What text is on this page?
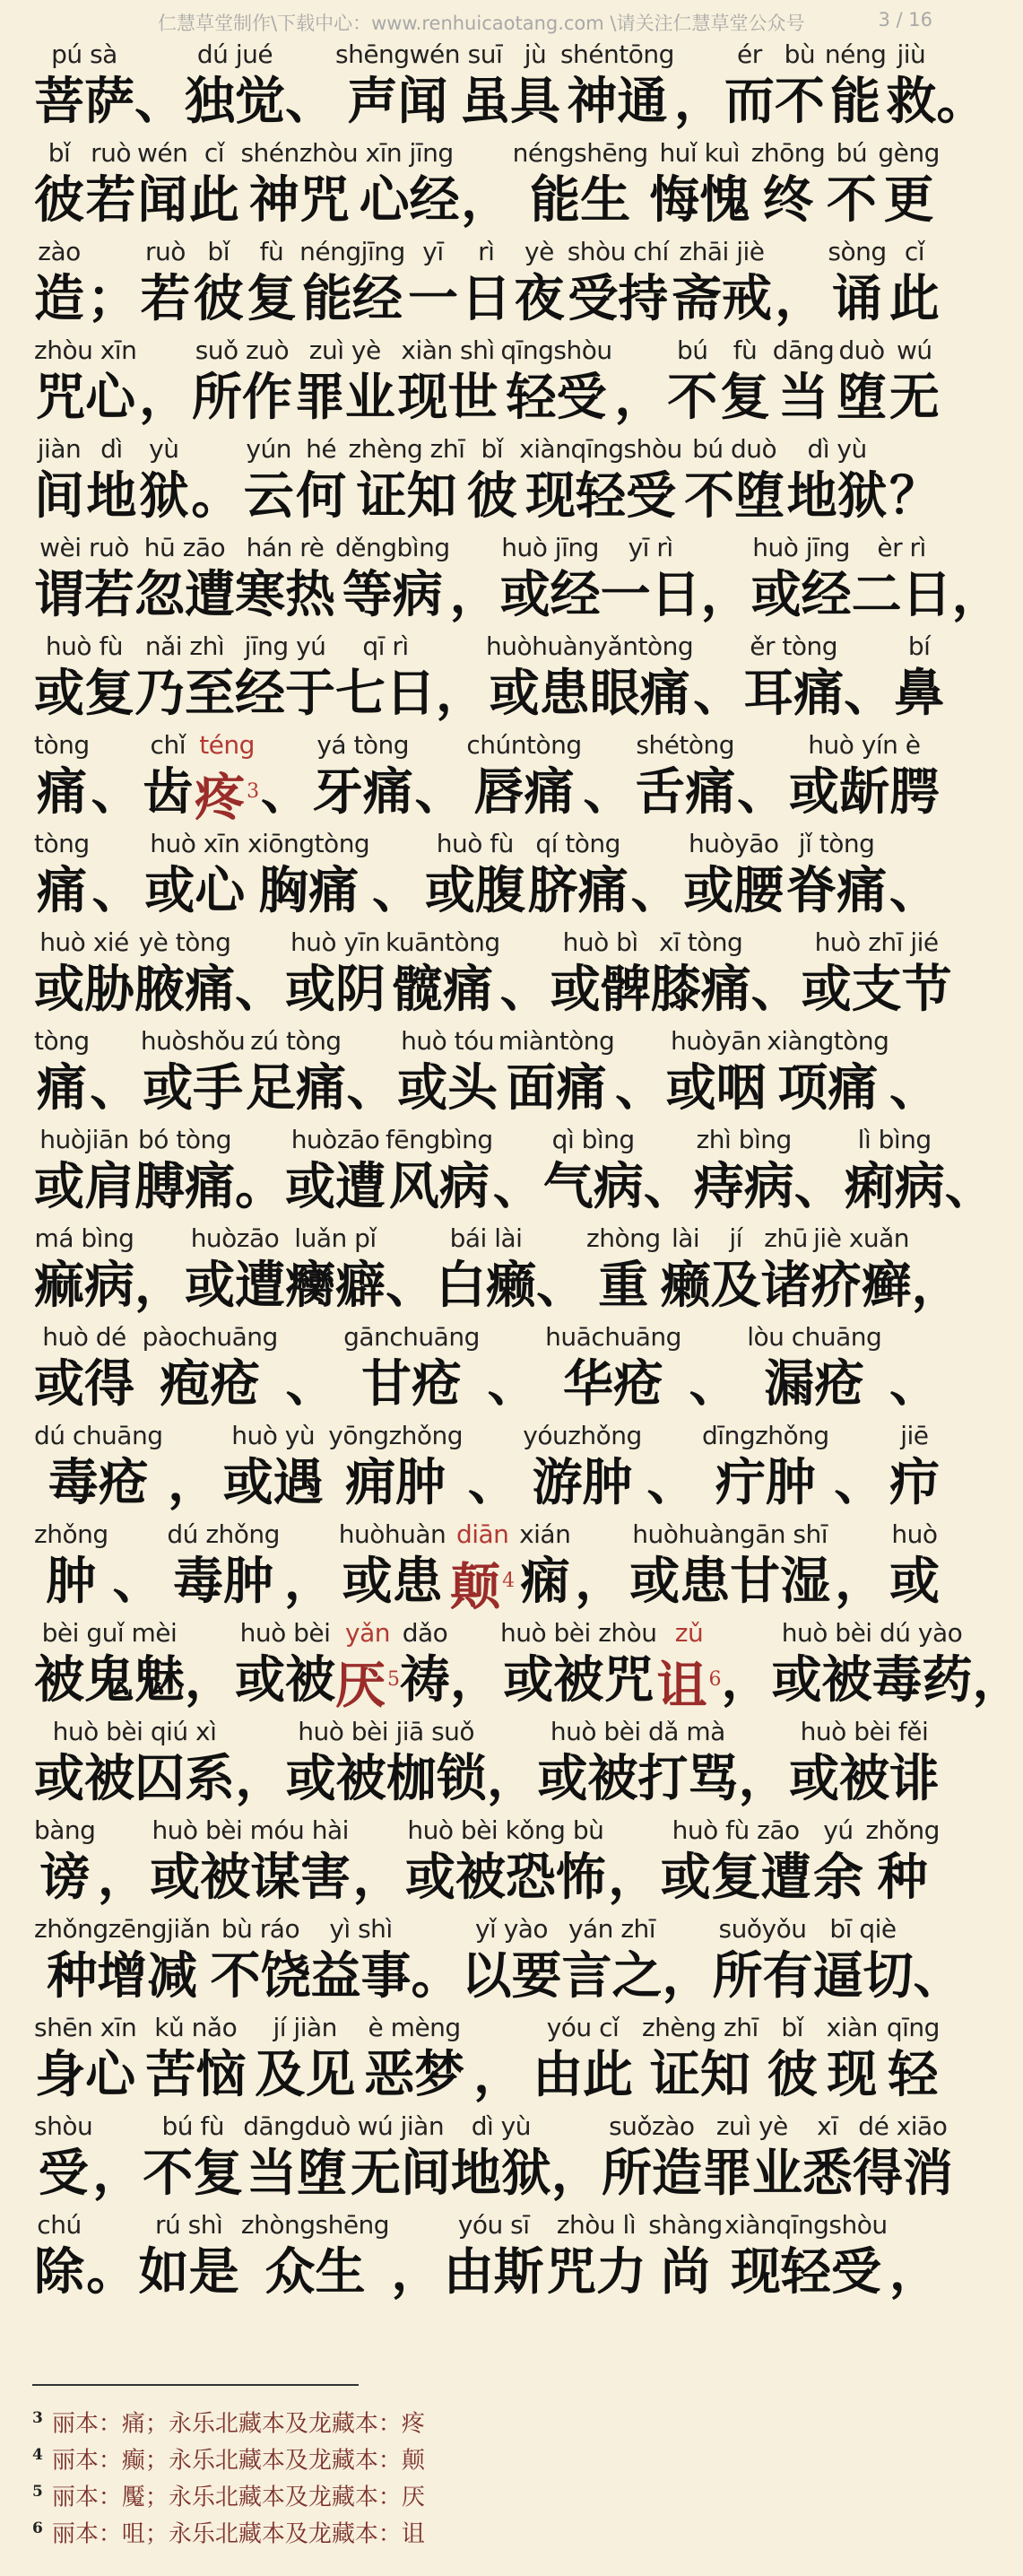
仁慧草堂制作\下载中心：www.renhuicaotang.com \请关注仁慧草堂公众号	3 / 16
pú sà
菩萨 、
dú jué
独觉 、
shēngwén
声闻
suī
虽
jù
具
shéntōng
神通 ，
ér
而
bù
不
néng
能
jiù
救 。
bǐ
彼
ruò
若
wén
闻
cǐ
此
shénzhòu
神咒
xīn jīng
心经 ，
néngshēng
能生
huǐ kuì
悔愧
zhōng
终
bú
不
gèng
更
zào
造 ；
ruò
若
bǐ
彼
fù
复
néngjīng
能经
yī
一
rì
日
yè
夜
shòu chí
受持
zhāi jiè
斋戒 ，
sòng
诵
cǐ
此
zhòu xīn
咒心 ，
suǒ zuò
所作
zuì yè
罪业
xiàn shì
现世
qīngshòu
轻受 ，
bú
不
fù
复
dāng
当
duò
堕
wú
无
jiàn
间
dì
地
yù
狱 。
yún
云
hé
何
zhèng zhī
证知
bǐ
彼
xiànqīngshòu
现轻受
bú duò
不堕
dì yù
地狱 ？
wèi ruò
谓若
hū zāo
忽遭
hán rè
寒热
děngbìng
等病 ，
huò jīng
或经
yī rì
一日 ，
huò jīng
或经
èr rì
二日 ，
huò fù
或复
nǎi zhì
乃至
jīng yú
经于
qī rì
七日 ，
huòhuànyǎntòng
或患眼痛 、
ěr tòng
耳痛 、
bí
鼻
tòng
痛 、
chǐ
齿
téng
疼$^3$ 、
yá tòng
牙痛 、
chúntòng
唇痛 、
shétòng
舌痛 、
huò yín è
或龂腭
tòng
痛 、
huò xīn
或心
xiōngtòng
胸痛 、
huò fù
或腹
qí tòng
脐痛 、
huòyāo
或腰
jǐ tòng
脊痛 、
huò xié
或胁
yè tòng
腋痛 、
huò yīn
或阴
kuāntòng
髋痛 、
huò bì
或髀
xī tòng
膝痛 、
huò zhī jié
或支节
tòng
痛 、
huòshǒu
或手
zú tòng
足痛 、
huò tóu
或头
miàntòng
面痛 、
huòyān
或咽
xiàngtòng
项痛 、
huòjiān
或肩
bó tòng
膊痛 。
huòzāo
或遭
fēngbìng
风病 、
qì bìng
气病 、
zhì bìng
痔病 、
lì bìng
痢病 、
má bìng
痲病 ，
huòzāo
或遭
luǎn pǐ
癵癖 、
bái lài
白癞 、
zhòng
重
lài
癞
jí
及
zhū
诸
jiè xuǎn
疥癣 ，
huò dé
或得
pàochuāng
疱疮 、
gānchuāng
甘疮 、
huāchuāng
华疮 、
lòu chuāng
漏疮 、
dú chuāng
毒疮 ，
huò yù
或遇
yōngzhǒng
痈肿 、
yóuzhǒng
游肿 、
dīngzhǒng
疔肿 、
jiē
疖
zhǒng
肿 、
dú zhǒng
毒肿 ，
huòhuàn
或患
diān
颠$^4$
xián
痫 ，
huòhuàngān shī
或患甘湿 ，
huò
或
bèi guǐ mèi
被鬼魅 ，
huò bèi
或被
yǎn
厌$^5$
dǎo
祷 ，
huò bèi zhòu
或被咒
zǔ
诅$^6$ ，
huò bèi dú yào
或被毒药 ，
huò bèi qiú xì
或被囚系 ，
huò bèi jiā suǒ
或被枷锁 ，
huò bèi dǎ mà
或被打骂 ，
huò bèi fěi
或被诽
bàng
谤 ，
huò bèi móu hài
或被谋害 ，
huò bèi kǒng bù
或被恐怖 ，
huò fù zāo
或复遭
yú
余
zhǒng
种
zhǒngzēngjiǎn
种增减
bù ráo
不饶
yì shì
益事 。
yǐ yào
以要
yán zhī
言之 ，
suǒyǒu
所有
bī qiè
逼切 、
shēn xīn
身心
kǔ nǎo
苦恼
jí jiàn
及见
è mèng
恶梦 ，
yóu cǐ
由此
zhèng zhī
证知
bǐ
彼
xiàn
现
qīng
轻
shòu
受 ，
bú fù
不复
dāngduò
当堕
wú jiàn
无间
dì yù
地狱 ，
suǒzào
所造
zuì yè
罪业
xī
悉
dé xiāo
得消
chú
除 。
rú shì
如是
zhòngshēng
众生 ，
yóu sī
由斯
zhòu lì
咒力
shàng
尚
xiànqīngshòu
现轻受 ，
$^3$ 丽本：痛；永乐北藏本及龙藏本：疼
$^4$ 丽本：癫；永乐北藏本及龙藏本：颠
$^5$ 丽本：魘；永乐北藏本及龙藏本：厌
$^6$ 丽本：咀；永乐北藏本及龙藏本：诅
